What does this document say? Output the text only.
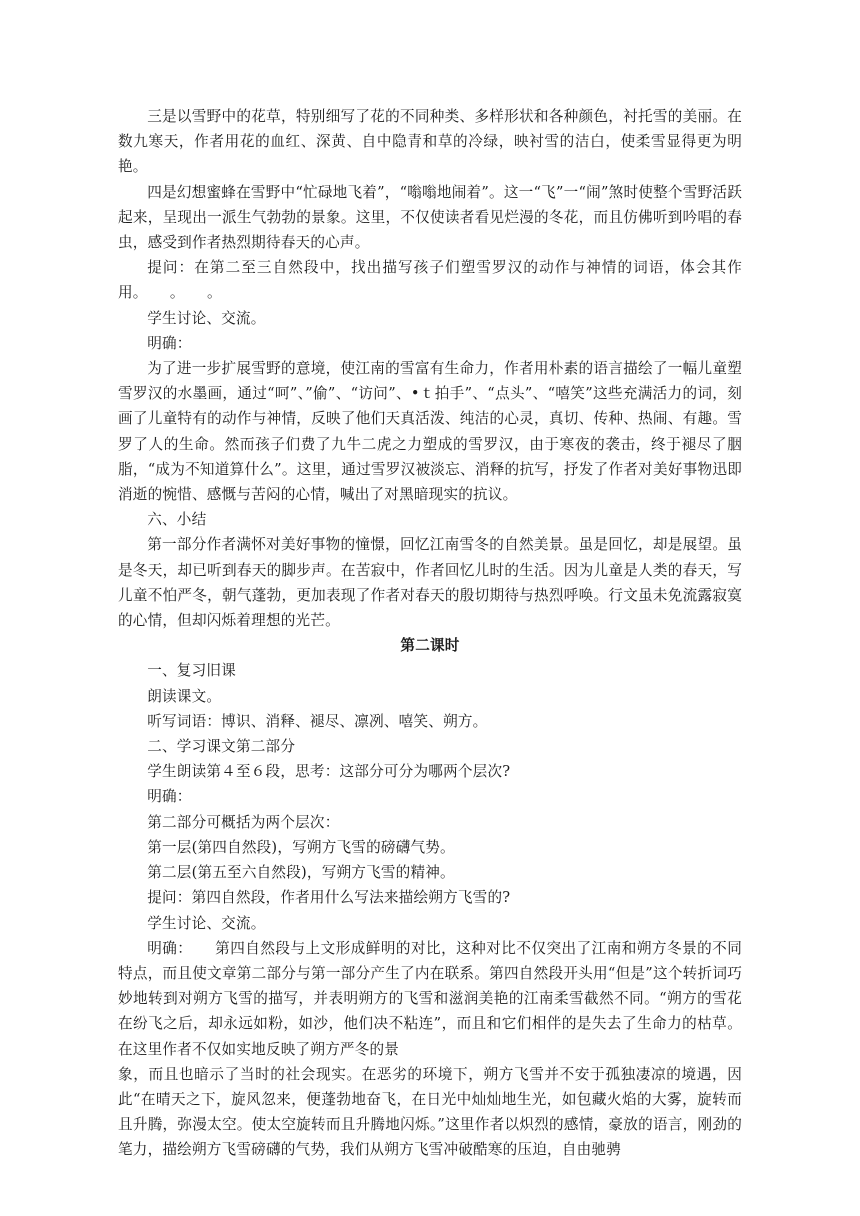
三是以雪野中的花草，特别细写了花的不同种类、多样形状和各种颜色，衬托雪的美丽。在数九寒天，作者用花的血红、深黄、自中隐青和草的冷绿，映衬雪的洁白，使柔雪显得更为明艳。

四是幻想蜜蜂在雪野中“忙碌地飞着”，“嗡嗡地闹着”。这一“飞”一“闹”煞时使整个雪野活跃起来，呈现出一派生气勃勃的景象。这里，不仅使读者看见烂漫的冬花，而且仿佛听到吟唱的春虫，感受到作者热烈期待春天的心声。

提问：在第二至三自然段中，找出描写孩子们塑雪罗汉的动作与神情的词语，体会其作用。　　。　　。

学生讨论、交流。

明确：

为了进一步扩展雪野的意境，使江南的雪富有生命力，作者用朴素的语言描绘了一幅儿童塑雪罗汉的水墨画，通过“呵”、”偷”、“访问”、•ｔ拍手”、“点头”、“嘻笑”这些充满活力的词，刻画了儿童特有的动作与神情，反映了他们天真活泼、纯洁的心灵，真切、传种、热闹、有趣。雪罗了人的生命。然而孩子们费了九牛二虎之力塑成的雪罗汉，由于寒夜的袭击，终于褪尽了胭脂，“成为不知道算什么”。这里，通过雪罗汉被淡忘、消释的抗写，抒发了作者对美好事物迅即消逝的惋惜、感慨与苦闷的心情，喊出了对黑暗现实的抗议。

六、小结

第一部分作者满怀对美好事物的憧憬，回忆江南雪冬的自然美景。虽是回忆，却是展望。虽是冬天，却已听到春天的脚步声。在苦寂中，作者回忆儿时的生活。因为儿童是人类的春天，写儿童不怕严冬，朝气蓬勃，更加表现了作者对春天的殷切期待与热烈呼唤。行文虽未免流露寂寞的心情，但却闪烁着理想的光芒。

第二课时

一、复习旧课

朗读课文。

听写词语：博识、消释、褪尽、凛冽、嘻笑、朔方。

二、学习课文第二部分

学生朗读第４至６段，思考：这部分可分为哪两个层次?

明确：

第二部分可概括为两个层次：

第一层(第四自然段)，写朔方飞雪的磅礴气势。

第二层(第五至六自然段)，写朔方飞雪的精神。

提问：第四自然段，作者用什么写法来描绘朔方飞雪的?

学生讨论、交流。

明确：　　第四自然段与上文形成鲜明的对比，这种对比不仅突出了江南和朔方冬景的不同特点，而且使文章第二部分与第一部分产生了内在联系。第四自然段开头用“但是”这个转折词巧妙地转到对朔方飞雪的描写，并表明朔方的飞雪和滋润美艳的江南柔雪截然不同。“朔方的雪花在纷飞之后，却永远如粉，如沙，他们决不粘连”，而且和它们相伴的是失去了生命力的枯草。在这里作者不仅如实地反映了朔方严冬的景

象，而且也暗示了当时的社会现实。在恶劣的环境下，朔方飞雪并不安于孤独凄凉的境遇，因此“在晴天之下，旋风忽来，便蓬勃地奋飞，在日光中灿灿地生光，如包藏火焰的大雾，旋转而且升腾，弥漫太空。使太空旋转而且升腾地闪烁。”这里作者以炽烈的感情，豪放的语言，刚劲的笔力，描绘朔方飞雪磅礴的气势，我们从朔方飞雪冲破酷寒的压迫，自由驰骋
